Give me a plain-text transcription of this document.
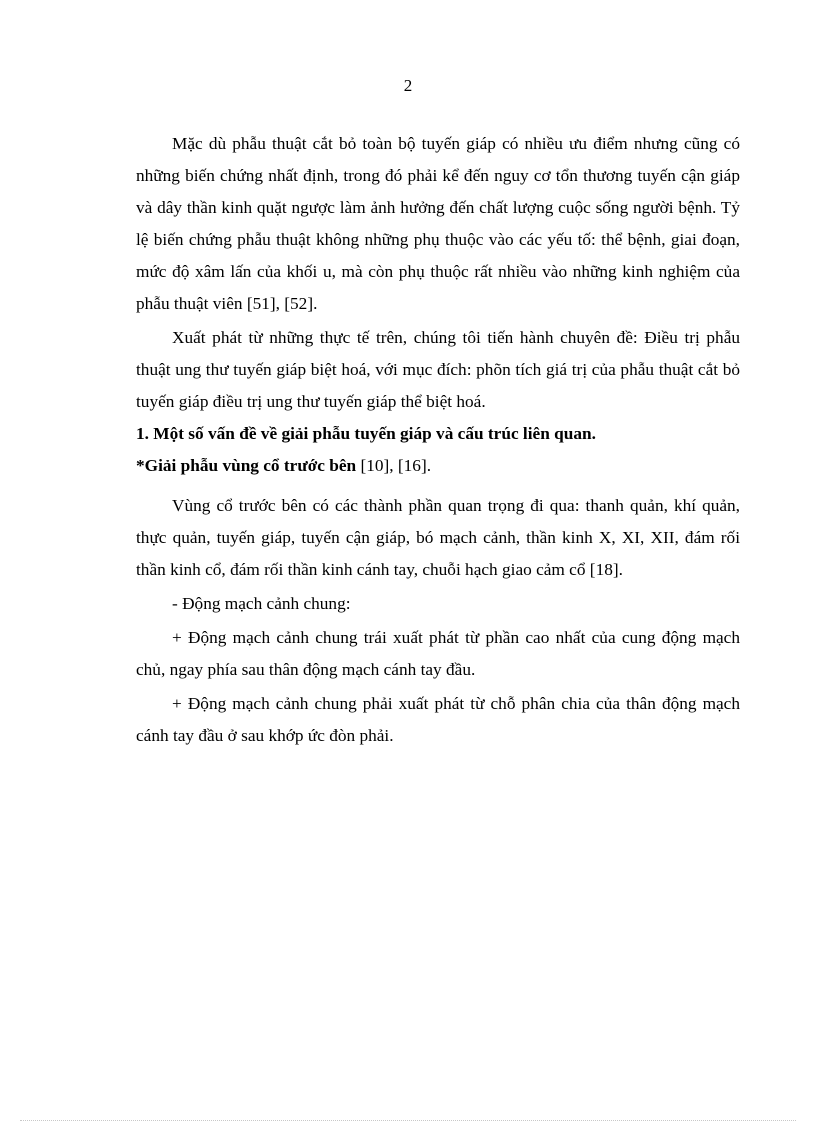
2

Mặc dù phẫu thuật cắt bỏ toàn bộ tuyến giáp có nhiều ưu điểm nhưng cũng có những biến chứng nhất định, trong đó phải kể đến nguy cơ tổn thương tuyến cận giáp và dây thần kinh quặt ngược làm ảnh hưởng đến chất lượng cuộc sống người bệnh. Tỷ lệ biến chứng phẫu thuật không những phụ thuộc vào các yếu tố: thể bệnh, giai đoạn, mức độ xâm lấn của khối u, mà còn phụ thuộc rất nhiều vào những kinh nghiệm của phẫu thuật viên [51], [52].

Xuất phát từ những thực tế trên, chúng tôi tiến hành chuyên đề: Điều trị phẫu thuật ung thư tuyến giáp biệt hoá, với mục đích: phõn tích giá trị của phẫu thuật cắt bỏ tuyến giáp điều trị ung thư tuyến giáp thể biệt hoá.

1. Một số vấn đề về giải phẫu tuyến giáp và cấu trúc liên quan.

*Giải phẫu vùng cổ trước bên [10], [16].

Vùng cổ trước bên có các thành phần quan trọng đi qua: thanh quản, khí quản, thực quản, tuyến giáp, tuyến cận giáp, bó mạch cảnh, thần kinh X, XI, XII, đám rối thần kinh cổ, đám rối thần kinh cánh tay, chuỗi hạch giao cảm cổ [18].

- Động mạch cảnh chung:

+ Động mạch cảnh chung trái xuất phát từ phần cao nhất của cung động mạch chủ, ngay phía sau thân động mạch cánh tay đầu.

+ Động mạch cảnh chung phải xuất phát từ chỗ phân chia của thân động mạch cánh tay đầu ở sau khớp ức đòn phải.
